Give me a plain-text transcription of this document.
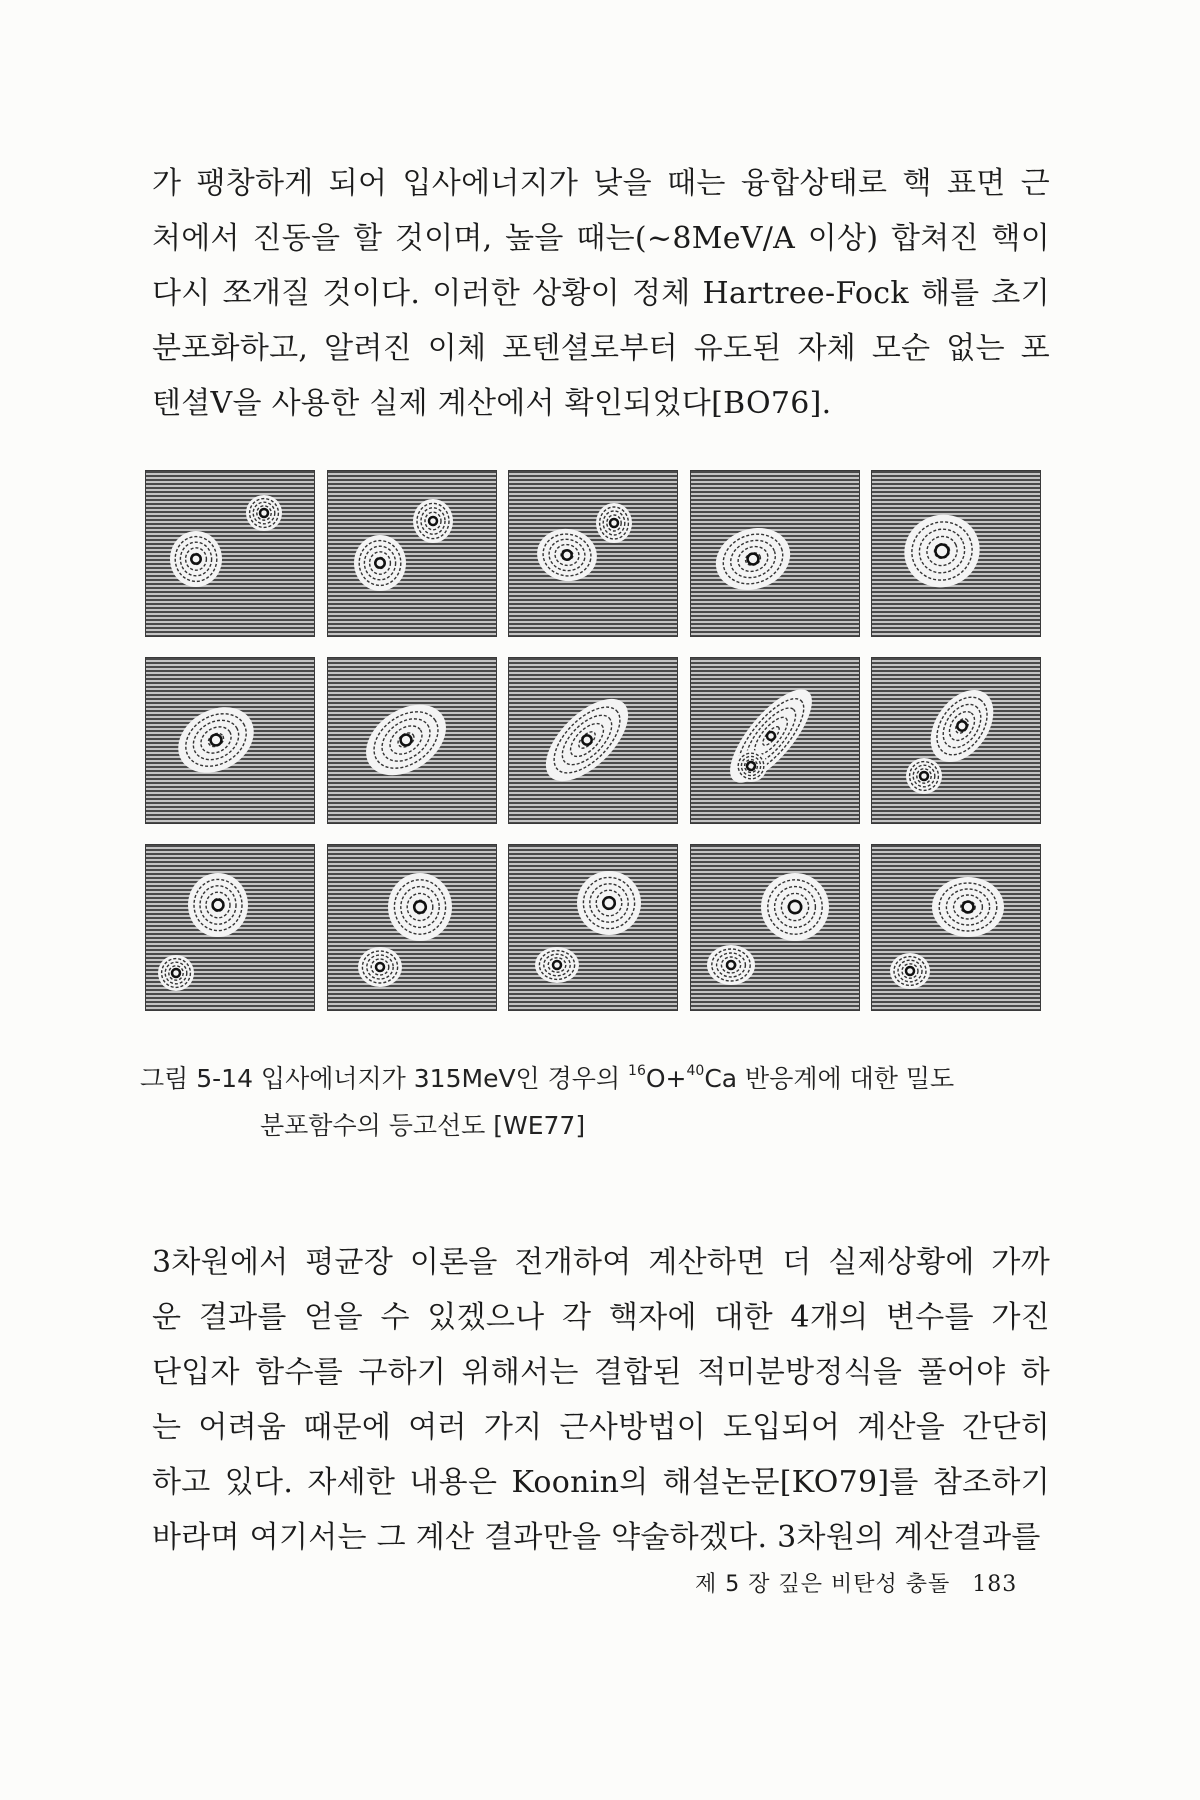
가 팽창하게 되어 입사에너지가 낮을 때는 융합상태로 핵 표면 근
처에서 진동을 할 것이며, 높을 때는(~8MeV/A 이상) 합쳐진 핵이
다시 쪼개질 것이다. 이러한 상황이 정체 Hartree-Fock 해를 초기
분포화하고, 알려진 이체 포텐셜로부터 유도된 자체 모순 없는 포
텐셜V을 사용한 실제 계산에서 확인되었다[BO76].
그림 5-14 입사에너지가 315MeV인 경우의 $^{16}$O+$^{40}$Ca 반응계에 대한 밀도
분포함수의 등고선도 [WE77]
3차원에서 평균장 이론을 전개하여 계산하면 더 실제상황에 가까
운 결과를 얻을 수 있겠으나 각 핵자에 대한 4개의 변수를 가진
단입자 함수를 구하기 위해서는 결합된 적미분방정식을 풀어야 하
는 어려움 때문에 여러 가지 근사방법이 도입되어 계산을 간단히
하고 있다. 자세한 내용은 Koonin의 해설논문[KO79]를 참조하기
바라며 여기서는 그 계산 결과만을 약술하겠다. 3차원의 계산결과를
제 5 장 깊은 비탄성 충돌 183
